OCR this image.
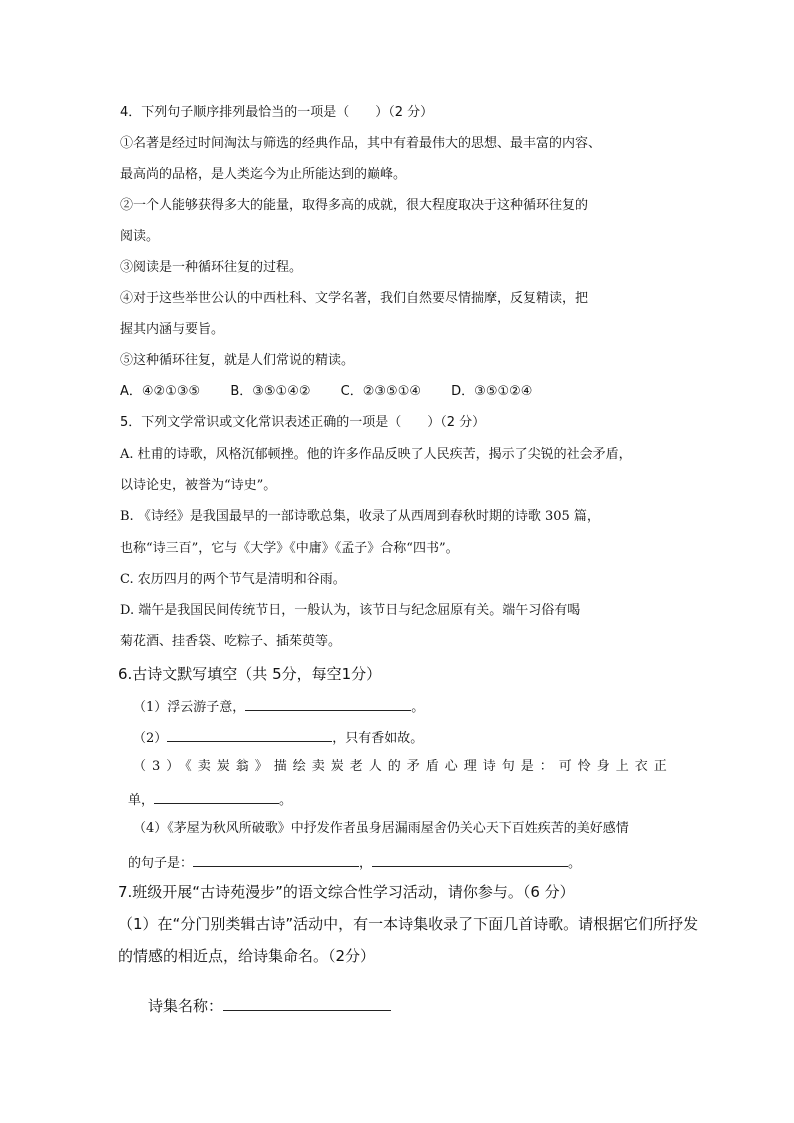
4．下列句子顺序排列最恰当的一项是（　　）（2 分）
①名著是经过时间淘汰与筛选的经典作品，其中有着最伟大的思想、最丰富的内容、
最高尚的品格，是人类迄今为止所能达到的巅峰。
②一个人能够获得多大的能量，取得多高的成就，很大程度取决于这种循环往复的
阅读。
③阅读是一种循环往复的过程。
④对于这些举世公认的中西杜科、文学名著，我们自然要尽情揣摩，反复精读，把
握其内涵与要旨。
⑤这种循环往复，就是人们常说的精读。
A．④②①③⑤ B．③⑤①④② C．②③⑤①④ D．③⑤①②④
5．下列文学常识或文化常识表述正确的一项是（　　）（2 分）
A. 杜甫的诗歌，风格沉郁顿挫。他的许多作品反映了人民疾苦，揭示了尖锐的社会矛盾，
以诗论史，被誉为“诗史”。
B. 《诗经》是我国最早的一部诗歌总集，收录了从西周到春秋时期的诗歌 305 篇，
也称“诗三百”，它与《大学》《中庸》《孟子》合称“四书”。
C. 农历四月的两个节气是清明和谷雨。
D. 端午是我国民间传统节日，一般认为，该节日与纪念屈原有关。端午习俗有喝
菊花酒、挂香袋、吃粽子、插茱萸等。
6.古诗文默写填空（共 5分，每空1分）
（1）浮云游子意，	。
（2）	，只有香如故。
（3）《卖炭翁》描绘卖炭老人的矛盾心理诗句是：可怜身上衣正
单，	。
（4）《茅屋为秋风所破歌》中抒发作者虽身居漏雨屋舍仍关心天下百姓疾苦的美好感情
的句子是：	，	。
7.班级开展“古诗苑漫步”的语文综合性学习活动，请你参与。（6 分）
（1）在“分门别类辑古诗”活动中，有一本诗集收录了下面几首诗歌。请根据它们所抒发
的情感的相近点，给诗集命名。（2分）
诗集名称：
